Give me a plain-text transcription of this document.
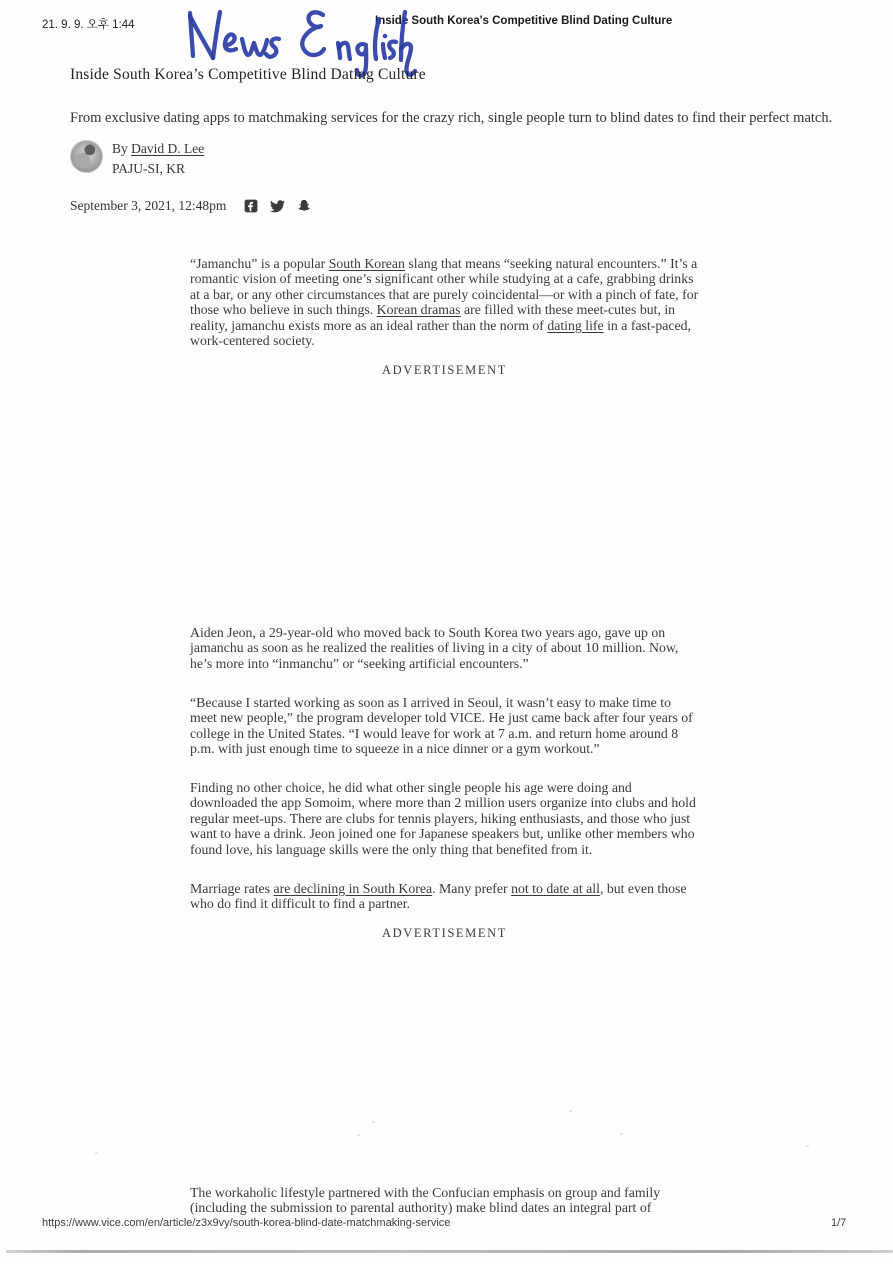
21. 9. 9. 오후 1:44	Inside South Korea's Competitive Blind Dating Culture
Inside South Korea’s Competitive Blind Dating Culture
From exclusive dating apps to matchmaking services for the crazy rich, single people turn to blind dates to find their perfect match.
By David D. Lee
PAJU-SI, KR
September 3, 2021, 12:48pm

“Jamanchu” is a popular South Korean slang that means “seeking natural encounters.” It’s a romantic vision of meeting one’s significant other while studying at a cafe, grabbing drinks at a bar, or any other circumstances that are purely coincidental—or with a pinch of fate, for those who believe in such things. Korean dramas are filled with these meet-cutes but, in reality, jamanchu exists more as an ideal rather than the norm of dating life in a fast-paced, work-centered society.

ADVERTISEMENT

Aiden Jeon, a 29-year-old who moved back to South Korea two years ago, gave up on jamanchu as soon as he realized the realities of living in a city of about 10 million. Now, he’s more into “inmanchu” or “seeking artificial encounters.”

“Because I started working as soon as I arrived in Seoul, it wasn’t easy to make time to meet new people,” the program developer told VICE. He just came back after four years of college in the United States. “I would leave for work at 7 a.m. and return home around 8 p.m. with just enough time to squeeze in a nice dinner or a gym workout.”

Finding no other choice, he did what other single people his age were doing and downloaded the app Somoim, where more than 2 million users organize into clubs and hold regular meet-ups. There are clubs for tennis players, hiking enthusiasts, and those who just want to have a drink. Jeon joined one for Japanese speakers but, unlike other members who found love, his language skills were the only thing that benefited from it.

Marriage rates are declining in South Korea. Many prefer not to date at all, but even those who do find it difficult to find a partner.

ADVERTISEMENT

The workaholic lifestyle partnered with the Confucian emphasis on group and family (including the submission to parental authority) make blind dates an integral part of

https://www.vice.com/en/article/z3x9vy/south-korea-blind-date-matchmaking-service	1/7
